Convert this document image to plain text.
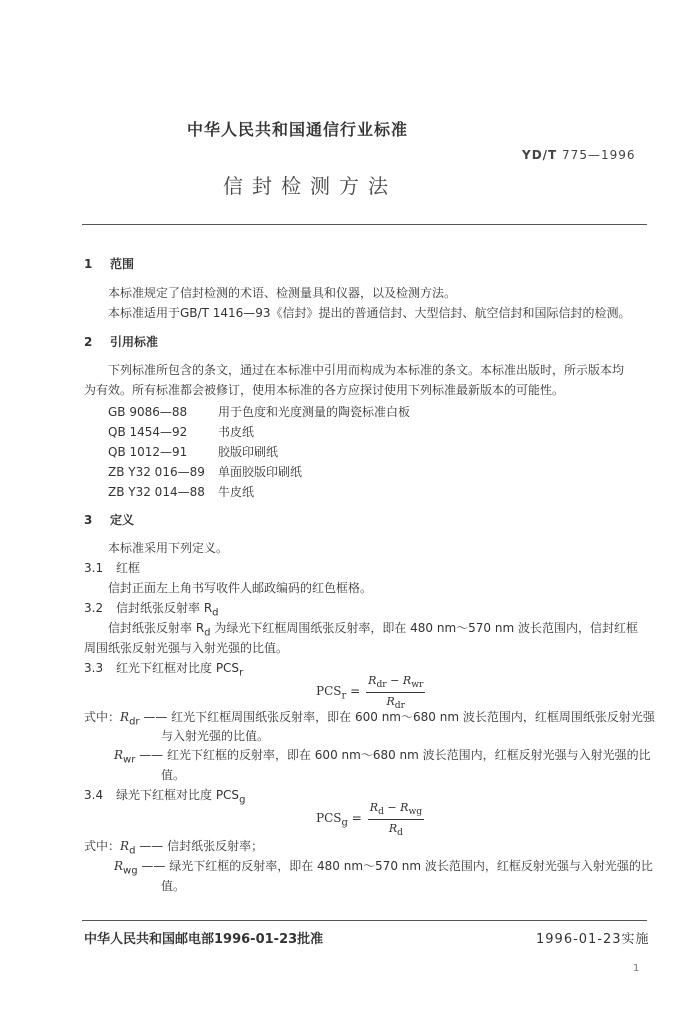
中华人民共和国通信行业标准
YD/T 775—1996
信封检测方法
1 范围
本标准规定了信封检测的术语、检测量具和仪器，以及检测方法。
本标准适用于GB/T 1416—93《信封》提出的普通信封、大型信封、航空信封和国际信封的检测。
2 引用标准
下列标准所包含的条文，通过在本标准中引用而构成为本标准的条文。本标准出版时，所示版本均
为有效。所有标准都会被修订，使用本标准的各方应探讨使用下列标准最新版本的可能性。
GB 9086—88	用于色度和光度测量的陶瓷标准白板
QB 1454—92	书皮纸
QB 1012—91	胶版印刷纸
ZB Y32 016—89 单面胶版印刷纸
ZB Y32 014—88 牛皮纸
3 定义
本标准采用下列定义。
3.1 红框
信封正面左上角书写收件人邮政编码的红色框格。
3.2 信封纸张反射率 $R_d$
信封纸张反射率 $R_d$ 为绿光下红框周围纸张反射率，即在 480 nm～570 nm 波长范围内，信封红框
周围纸张反射光强与入射光强的比值。
3.3 红光下红框对比度 $PCS_r$
$PCS_r = \frac{R_{dr} - R_{wr}}{R_{dr}}$
式中：$R_{dr}$ —— 红光下红框周围纸张反射率，即在 600 nm～680 nm 波长范围内，红框周围纸张反射光强
与入射光强的比值。
$R_{wr}$ —— 红光下红框的反射率，即在 600 nm～680 nm 波长范围内，红框反射光强与入射光强的比
值。
3.4 绿光下红框对比度 $PCS_g$
$PCS_g = \frac{R_d - R_{wg}}{R_d}$
式中：$R_d$ —— 信封纸张反射率；
$R_{wg}$ —— 绿光下红框的反射率，即在 480 nm～570 nm 波长范围内，红框反射光强与入射光强的比
值。
中华人民共和国邮电部1996-01-23批准	1996-01-23实施
1
